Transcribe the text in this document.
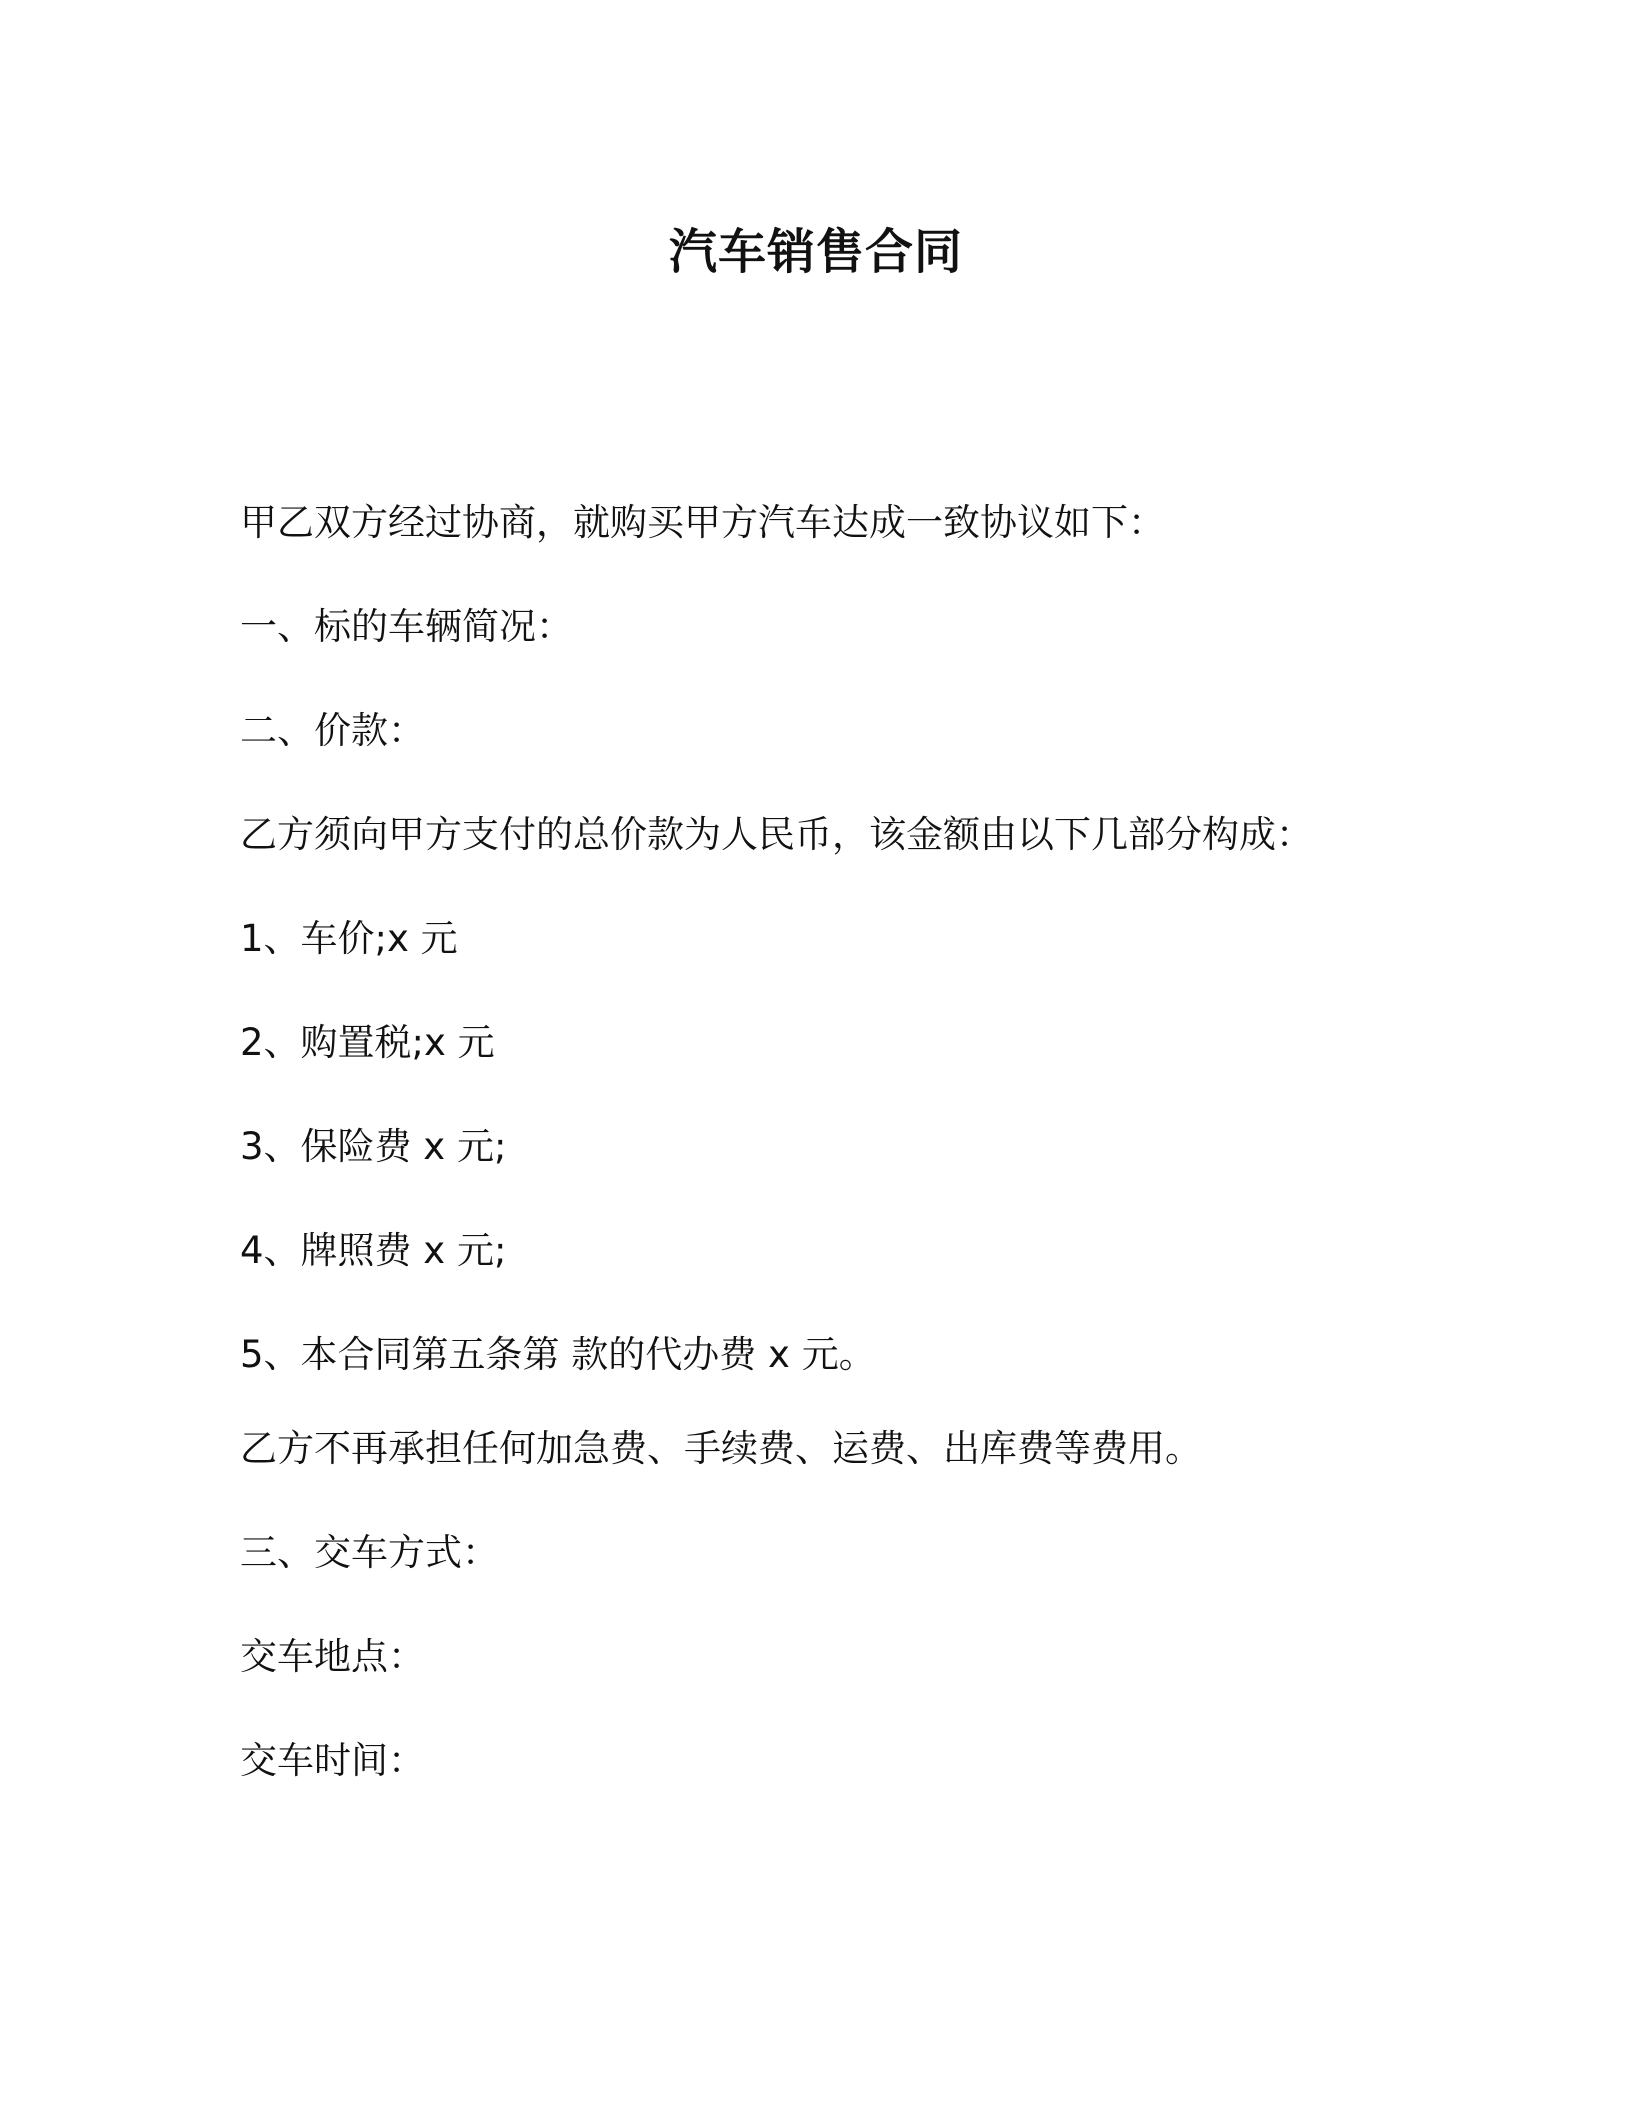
汽车销售合同
甲乙双方经过协商，就购买甲方汽车达成一致协议如下：
一、标的车辆简况：
二、价款：
乙方须向甲方支付的总价款为人民币，该金额由以下几部分构成：
1、车价;x 元
2、购置税;x 元
3、保险费 x 元;
4、牌照费 x 元;
5、本合同第五条第 款的代办费 x 元。
乙方不再承担任何加急费、手续费、运费、出库费等费用。
三、交车方式：
交车地点：
交车时间：
